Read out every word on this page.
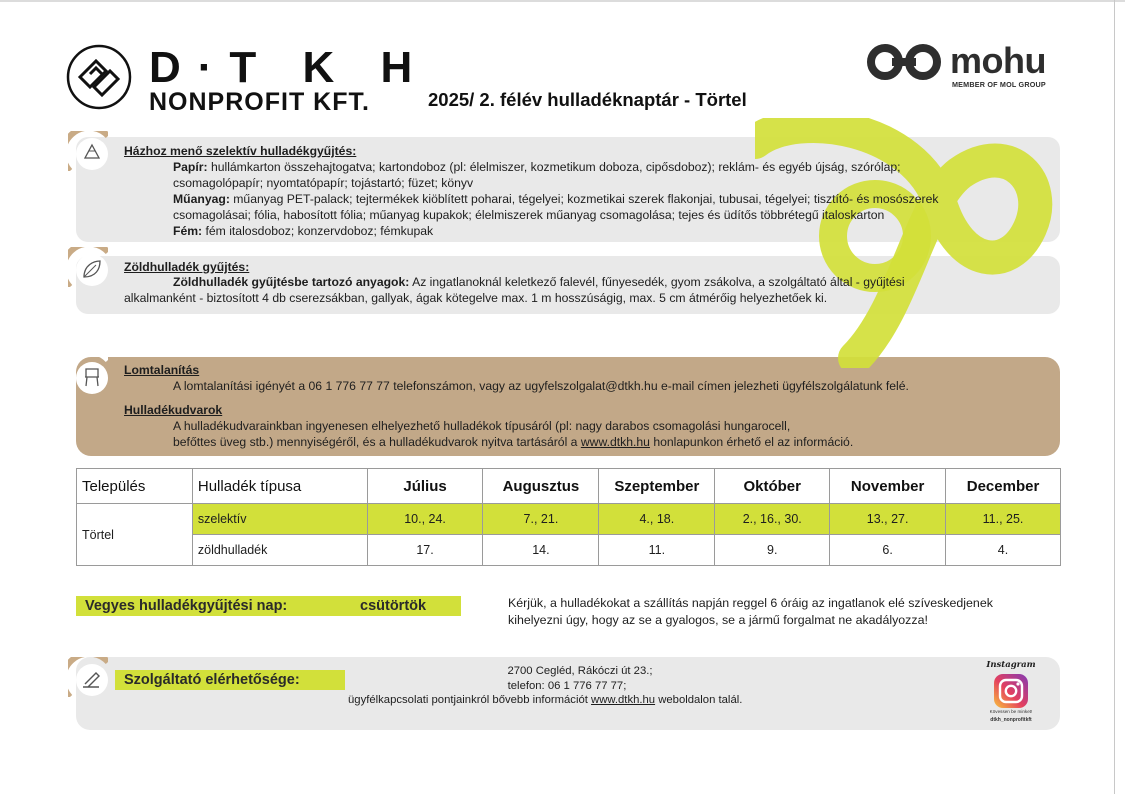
D·T K H
NONPROFIT KFT.	2025/ 2. félév hulladéknaptár - Törtel
mohu
MEMBER OF MOL GROUP
Házhoz menő szelektív hulladékgyűjtés:
Papír: hullámkarton összehajtogatva; kartondoboz (pl: élelmiszer, kozmetikum doboza, cipősdoboz); reklám- és egyéb újság, szórólap;
csomagolópapír; nyomtatópapír; tojástartó; füzet; könyv
Műanyag: műanyag PET-palack; tejtermékek kiöblített poharai, tégelyei; kozmetikai szerek flakonjai, tubusai, tégelyei; tisztító- és mosószerek
csomagolásai; fólia, habosított fólia; műanyag kupakok; élelmiszerek műanyag csomagolása; tejes és üdítős többrétegű italoskarton
Fém: fém italosdoboz; konzervdoboz; fémkupak
Zöldhulladék gyűjtés:
Zöldhulladék gyűjtésbe tartozó anyagok: Az ingatlanoknál keletkező falevél, fűnyesedék, gyom zsákolva, a szolgáltató által - gyűjtési
alkalmanként - biztosított 4 db cserezsákban, gallyak, ágak kötegelve max. 1 m hosszúságig, max. 5 cm átmérőig helyezhetőek ki.
Lomtalanítás
A lomtalanítási igényét a 06 1 776 77 77 telefonszámon, vagy az ugyfelszolgalat@dtkh.hu e-mail címen jelezheti ügyfélszolgálatunk felé.
Hulladékudvarok
A hulladékudvarainkban ingyenesen elhelyezhető hulladékok típusáról (pl: nagy darabos csomagolási hungarocell,
befőttes üveg stb.) mennyiségéről, és a hulladékudvarok nyitva tartásáról a www.dtkh.hu honlapunkon érhető el az információ.
Település	Hulladék típusa	Július	Augusztus	Szeptember	Október	November	December
Törtel	szelektív	10., 24.	7., 21.	4., 18.	2., 16., 30.	13., 27.	11., 25.
	zöldhulladék	17.	14.	11.	9.	6.	4.
Vegyes hulladékgyűjtési nap:	csütörtök	Kérjük, a hulladékokat a szállítás napján reggel 6 óráig az ingatlanok elé szíveskedjenek
kihelyezni úgy, hogy az se a gyalogos, se a jármű forgalmat ne akadályozza!
Szolgáltató elérhetősége:
2700 Cegléd, Rákóczi út 23.;
telefon: 06 1 776 77 77;
ügyfélkapcsolati pontjainkról bővebb információt www.dtkh.hu weboldalon talál.
Instagram
Kövessen be minket!
dtkh_nonprofitkft
